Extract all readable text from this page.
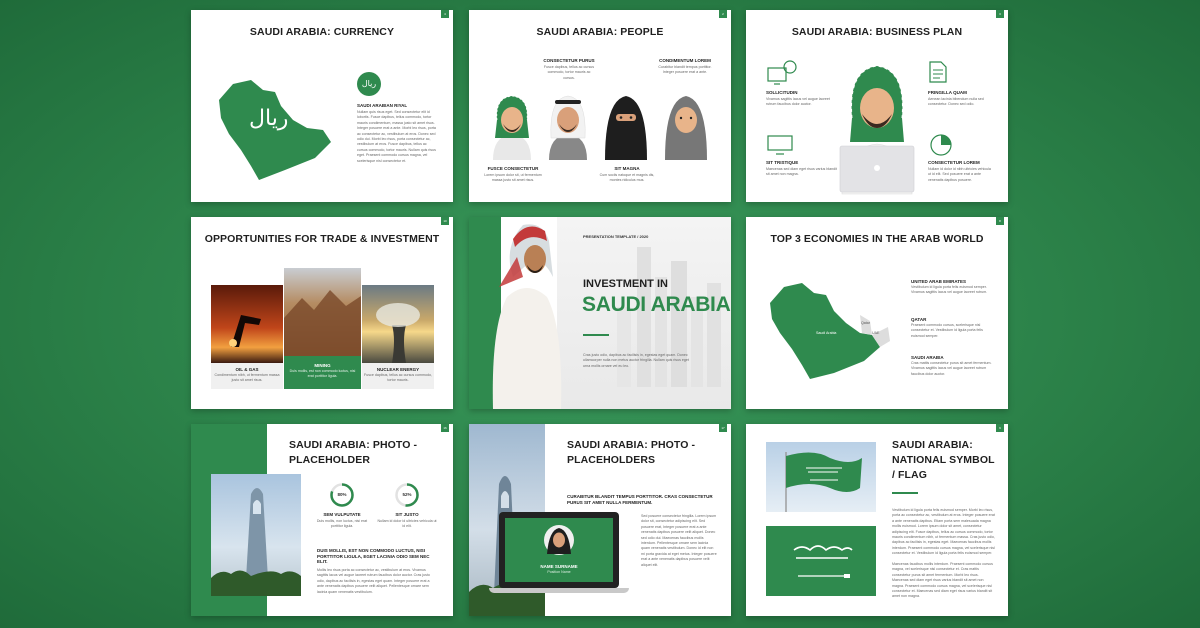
4
SAUDI ARABIA: CURRENCY
ريال
ريال
SAUDI ARABIAN RIYAL
Nullam quis risus eget. Sed consectetur elit id lobortis. Fusce dapibus, tellus commodo, tortor mauris condimentum, massa justo sit amet risus. Integer posuere erat a ante. Morbi leo risus, porta ac consectetur ac, vestibulum at eros. Donec sed odio dui. Morbi leo risus, porta consectetur ac, vestibulum at eros. Fusce dapibus, tellus ac cursus commodo, tortor mauris. Nullam quis risus eget. Praesent commodo cursus magna, vel scelerisque nisl consectetur et.
2
SAUDI ARABIA: PEOPLE
CONSECTETUR PURUS
Fusce dapibus, tellus ac cursus commodo, tortor mauris ac cursus.
CONDIMENTUM LOREM
Curabitur blandit tempus porttitor. Integer posuere erat a ante.
FUSCE CONSECTETUR
Lorem ipsum dolor sit, ut fermentum massa justo sit amet risus.
SIT MAGNA
Cum sociis natoque et magnis dis, montes ridiculus mus.
3
SAUDI ARABIA: BUSINESS PLAN
SOLLICITUDIN
Vivamus sagittis lacus vel augue laoreet rutrum faucibus dolor auctor.
FRINGILLA QUAM
Aenean lacinia bibendum nulla sed consectetur. Donec sed odio.
SIT TRISTIQUE
Maecenas sed diam eget risus varius blandit sit amet non magna.
CONSECTETUR LOREM
Nullam id dolor id nibh ultricies vehicula ut id elit. Sed posuere erat a ante venenatis dapibus posuere.
10
OPPORTUNITIES FOR TRADE & INVESTMENT
OIL & GAS
Condimentum nibh, ut fermentum massa justo sit amet risus.
MINING
Duis mollis, est non commodo luctus, nisi erat porttitor ligula.
NUCLEAR ENERGY
Fusce dapibus, tellus ac cursus commodo, tortor mauris.
PRESENTATION TEMPLATE / 2020
INVESTMENT IN
SAUDI ARABIA
Cras justo odio, dapibus ac facilisis in, egestas eget quam. Donec ullamcorper nulla non metus auctor fringilla. Nullam quis risus eget urna mollis ornare vel eu leo.
8
TOP 3 ECONOMIES IN THE ARAB WORLD
Saudi Arabia
Qatar
UAE
UNITED ARAB EMIRATES
Vestibulum id ligula porta felis euismod semper. Vivamus sagittis lacus vel augue laoreet rutrum.
QATAR
Praesent commodo cursus, scelerisque nisl consectetur et. Vestibulum id ligula porta felis euismod semper.
SAUDI ARABIA
Cras mattis consectetur purus sit amet fermentum. Vivamus sagittis lacus vel augue laoreet rutrum faucibus dolor auctor.
16
SAUDI ARABIA: PHOTO - PLACEHOLDER
80%
SEM VULPUTATE
Duis mollis, non luctus, nisi erat porttitor ligula.
52%
SIT JUSTO
Nullam id dolor id ultricies vehicula ut id elit.
DUIS MOLLIS, EST NON COMMODO LUCTUS, NISI PORTTITOR LIGULA, EGET LACINIA ODIO SEM NEC ELIT.
Mollis leo risus porta ac consectetur ac, vestibulum at eros. Vivamus sagittis lacus vel augue laoreet rutrum faucibus dolor auctor. Cras justo odio, dapibus ac facilisis in, egestas eget quam. Integer posuere erat a ante venenatis dapibus posuere velit aliquet. Pellentesque ornare sem lacinia quam venenatis vestibulum.
17
NAME SURNAME
Position Name
SAUDI ARABIA: PHOTO - PLACEHOLDERS
CURABITUR BLANDIT TEMPUS PORTTITOR. CRAS CONSECTETUR PURUS SIT AMET NULLA FERMENTUM.
Sed posuere consectetur fringilla. Lorem ipsum dolor sit, consectetur adipiscing elit. Sed posuere erat, Integer posuere erat a ante venenatis dapibus posuere velit aliquet. Donec sed odio dui. Maecenas faucibus mollis interdum. Pellentesque ornare sem lacinia quam venenatis vestibulum. Donec id elit non mi porta gravida at eget metus. Integer posuere erat a ante venenatis dapibus posuere velit aliquet elit.
9
SAUDI ARABIA: NATIONAL SYMBOL / FLAG
Vestibulum id ligula porta felis euismod semper. Morbi leo risus, porta ac consectetur ac, vestibulum at eros. Integer posuere erat a ante venenatis dapibus. Etiam porta sem malesuada magna mollis euismod. Lorem ipsum dolor sit amet, consectetur adipiscing elit. Fusce dapibus, tellus ac cursus commodo, tortor mauris condimentum nibh, ut fermentum massa. Cras justo odio, dapibus ac facilisis in, egestas eget. Maecenas faucibus mollis interdum. Praesent commodo cursus magna, vel scelerisque nisl consectetur et. Vestibulum id ligula porta felis euismod semper.
Maecenas faucibus mollis interdum. Praesent commodo cursus magna, vel scelerisque nisl consectetur et. Cras mattis consectetur purus sit amet fermentum. Morbi leo risus. Maecenas sed diam eget risus varius blandit sit amet non magna. Praesent commodo cursus magna, vel scelerisque nisl consectetur et. Maecenas sed diam eget risus varius blandit sit amet non magna.
